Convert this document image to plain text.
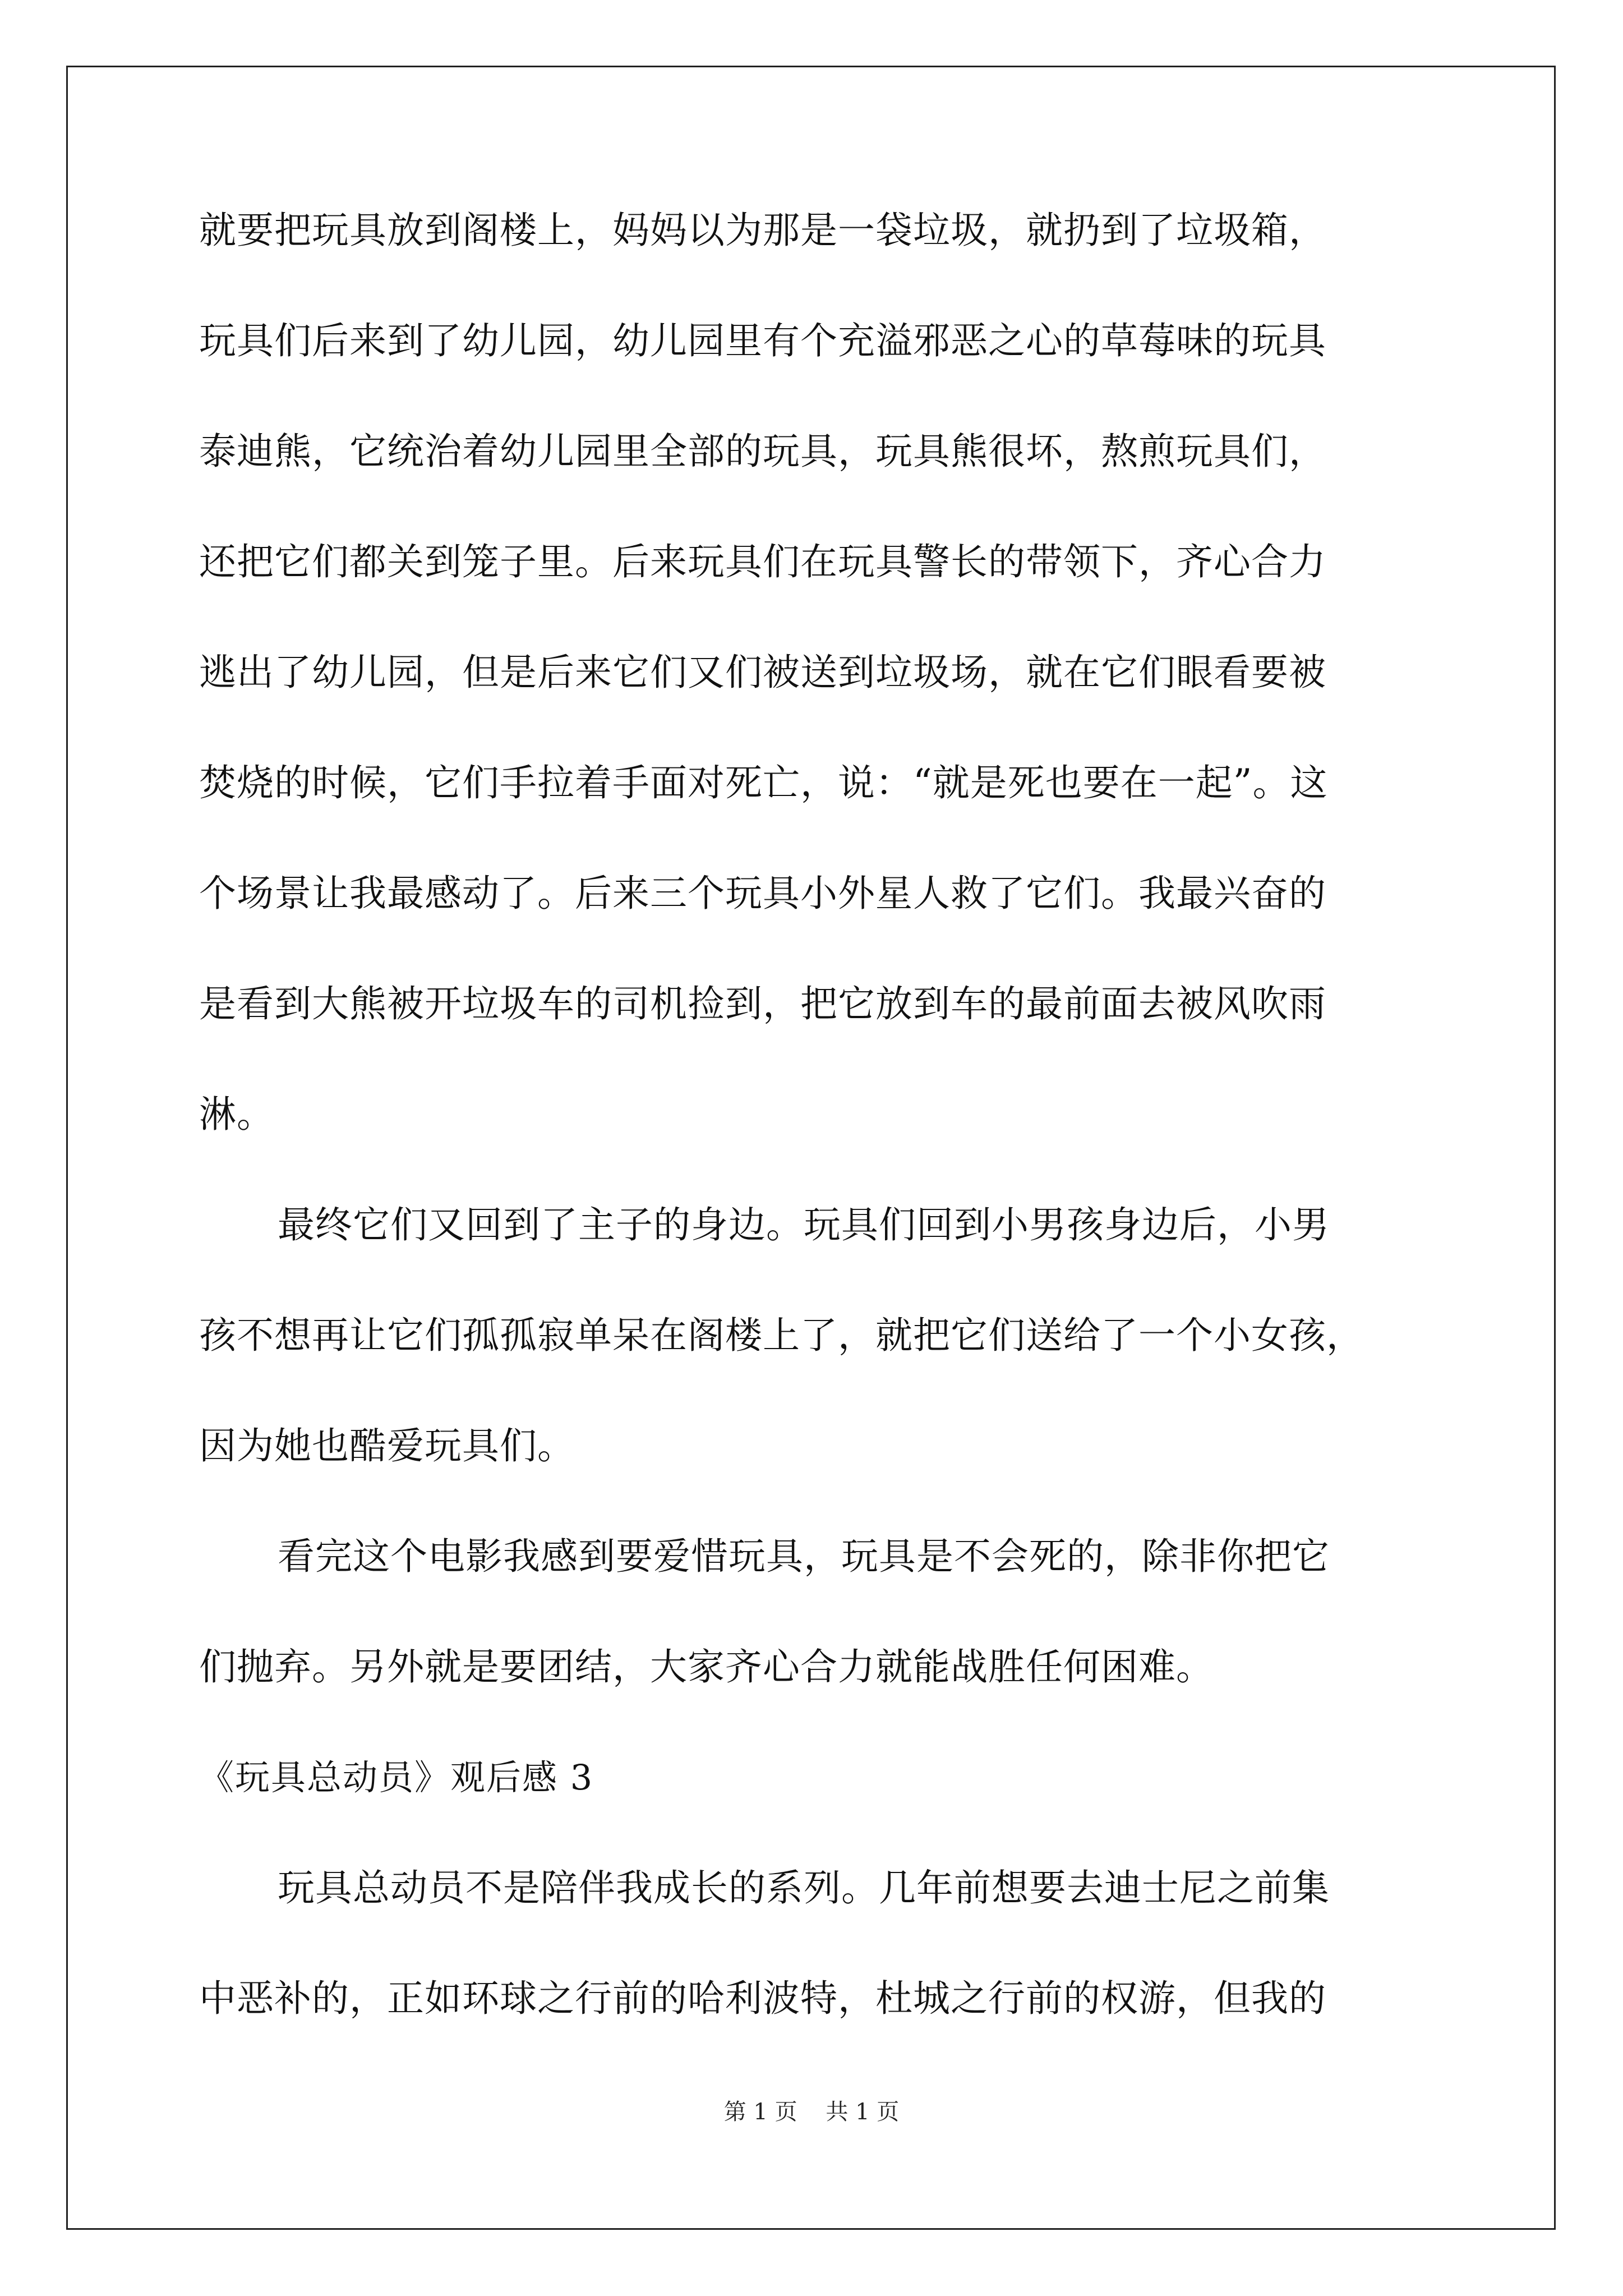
就要把玩具放到阁楼上，妈妈以为那是一袋垃圾，就扔到了垃圾箱，
玩具们后来到了幼儿园，幼儿园里有个充溢邪恶之心的草莓味的玩具
泰迪熊，它统治着幼儿园里全部的玩具，玩具熊很坏，熬煎玩具们，
还把它们都关到笼子里。后来玩具们在玩具警长的带领下，齐心合力
逃出了幼儿园，但是后来它们又们被送到垃圾场，就在它们眼看要被
焚烧的时候，它们手拉着手面对死亡，说：“就是死也要在一起”。这
个场景让我最感动了。后来三个玩具小外星人救了它们。我最兴奋的
是看到大熊被开垃圾车的司机捡到，把它放到车的最前面去被风吹雨
淋。
最终它们又回到了主子的身边。玩具们回到小男孩身边后，小男
孩不想再让它们孤孤寂单呆在阁楼上了，就把它们送给了一个小女孩，
因为她也酷爱玩具们。
看完这个电影我感到要爱惜玩具，玩具是不会死的，除非你把它
们抛弃。另外就是要团结，大家齐心合力就能战胜任何困难。
《玩具总动员》观后感 3
玩具总动员不是陪伴我成长的系列。几年前想要去迪士尼之前集
中恶补的，正如环球之行前的哈利波特，杜城之行前的权游，但我的
第 1 页    共 1 页
